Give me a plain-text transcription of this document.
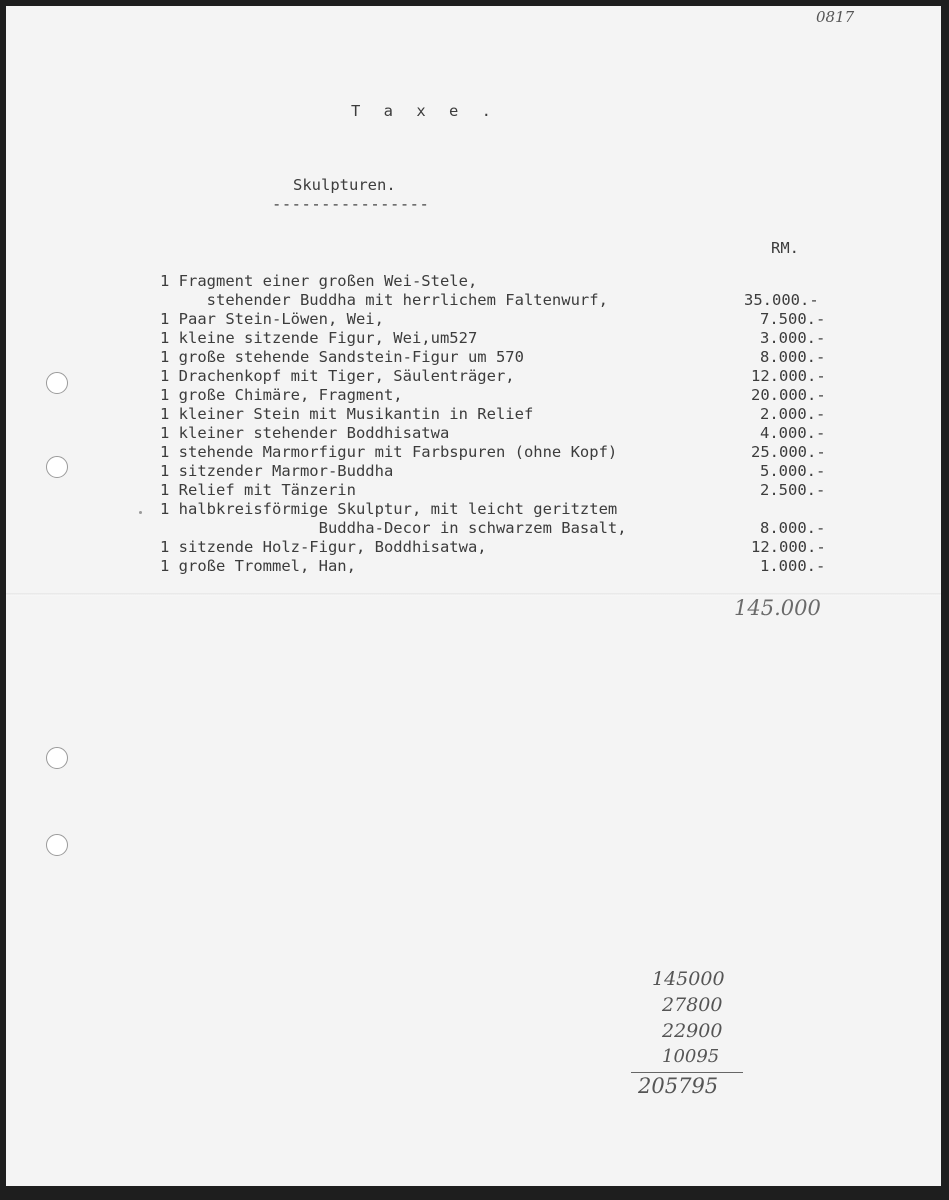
0817
T a x e .
Skulpturen.
----------------
RM.
1 Fragment einer großen Wei-Stele,
stehender Buddha mit herrlichem Faltenwurf,	35.000.-
1 Paar Stein-Löwen, Wei,	7.500.-
1 kleine sitzende Figur, Wei,um527	3.000.-
1 große stehende Sandstein-Figur um 570	8.000.-
1 Drachenkopf mit Tiger, Säulenträger,	12.000.-
1 große Chimäre, Fragment,	20.000.-
1 kleiner Stein mit Musikantin in Relief	2.000.-
1 kleiner stehender Boddhisatwa	4.000.-
1 stehende Marmorfigur mit Farbspuren (ohne Kopf)	25.000.-
1 sitzender Marmor-Buddha	5.000.-
1 Relief mit Tänzerin	2.500.-
1 halbkreisförmige Skulptur, mit leicht geritztem
Buddha-Decor in schwarzem Basalt,	8.000.-
1 sitzende Holz-Figur, Boddhisatwa,	12.000.-
1 große Trommel, Han,	1.000.-
145.000
145000
27800
22900
10095
205795
